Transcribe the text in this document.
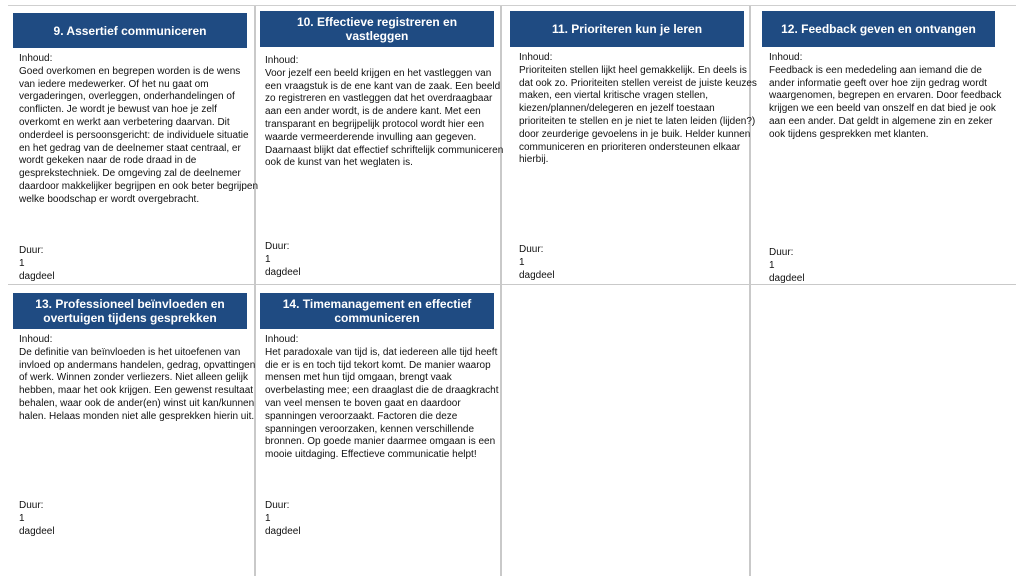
9. Assertief communiceren
Inhoud:
Goed overkomen en begrepen worden is de wens van iedere medewerker. Of het nu gaat om vergaderingen, overleggen, onderhandelingen of conflicten. Je wordt je bewust van hoe je zelf overkomt en werkt aan verbetering daarvan. Dit onderdeel is persoonsgericht: de individuele situatie en het gedrag van de deelnemer staat centraal, er wordt gekeken naar de rode draad in de gesprekstechniek. De omgeving zal de deelnemer daardoor makkelijker begrijpen en ook beter begrijpen welke boodschap er wordt overgebracht.
Duur:
1 dagdeel
10. Effectieve registreren en vastleggen
Inhoud:
Voor jezelf een beeld krijgen en het vastleggen van een vraagstuk is de ene kant van de zaak. Een beeld zo registreren en vastleggen dat het overdraagbaar aan een ander wordt, is de andere kant. Met een transparant en begrijpelijk protocol wordt hier een waarde vermeerderende invulling aan gegeven. Daarnaast blijkt dat effectief schriftelijk communiceren ook de kunst van het weglaten is.
Duur:
1 dagdeel
11. Prioriteren kun je leren
Inhoud:
Prioriteiten stellen lijkt heel gemakkelijk. En deels is dat ook zo. Prioriteiten stellen vereist de juiste keuzes maken, een viertal kritische vragen stellen, kiezen/plannen/delegeren en jezelf toestaan prioriteiten te stellen en je niet te laten leiden (lijden?) door zeurderige gevoelens in je buik. Helder kunnen communiceren en prioriteren ondersteunen elkaar hierbij.
Duur:
1 dagdeel
12. Feedback geven en ontvangen
Inhoud:
Feedback is een mededeling aan iemand die de ander informatie geeft over hoe zijn gedrag wordt waargenomen, begrepen en ervaren. Door feedback krijgen we een beeld van onszelf en dat bied je ook aan een ander. Dat geldt in algemene zin en zeker ook tijdens gesprekken met klanten.
Duur:
1 dagdeel
13. Professioneel beïnvloeden en overtuigen tijdens gesprekken
Inhoud:
De definitie van beïnvloeden is het uitoefenen van invloed op andermans handelen, gedrag, opvattingen of werk. Winnen zonder verliezers. Niet alleen gelijk hebben, maar het ook krijgen. Een gewenst resultaat behalen, waar ook de ander(en) winst uit kan/kunnen halen. Helaas monden niet alle gesprekken hierin uit.
Duur:
1 dagdeel
14. Timemanagement en effectief communiceren
Inhoud:
Het paradoxale van tijd is, dat iedereen alle tijd heeft die er is en toch tijd tekort komt. De manier waarop mensen met hun tijd omgaan, brengt vaak overbelasting mee; een draaglast die de draagkracht van veel mensen te boven gaat en daardoor spanningen veroorzaakt. Factoren die deze spanningen veroorzaken, kennen verschillende bronnen. Op goede manier daarmee omgaan is een mooie uitdaging. Effectieve communicatie helpt!
Duur:
1 dagdeel
